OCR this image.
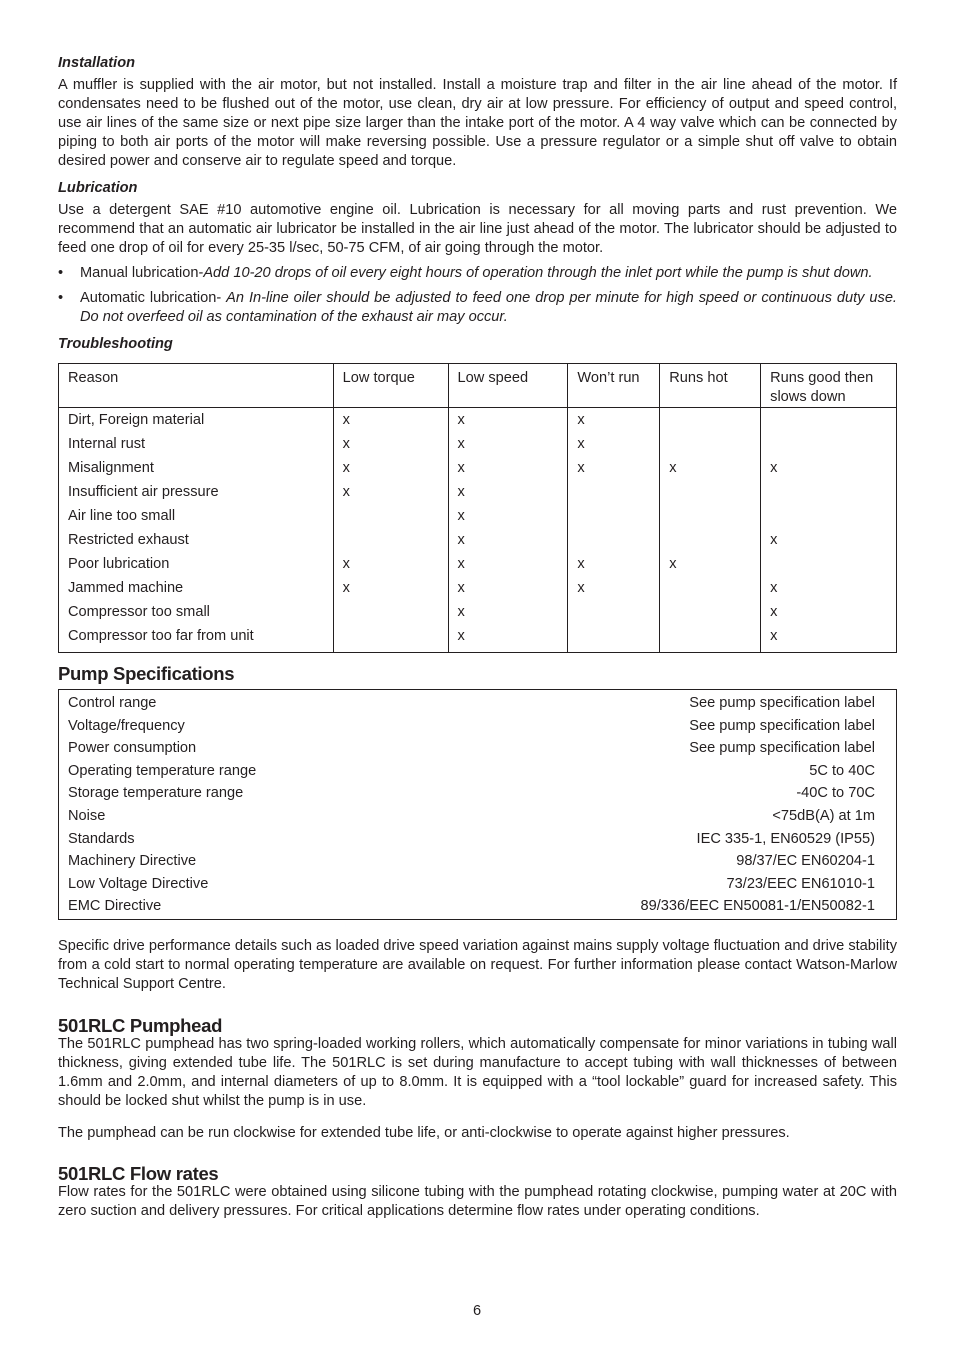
Installation

A muffler is supplied with the air motor, but not installed. Install a moisture trap and filter in the air line ahead of the motor. If condensates need to be flushed out of the motor, use clean, dry air at low pressure. For efficiency of output and speed control, use air lines of the same size or next pipe size larger than the intake port of the motor. A 4 way valve which can be connected by piping to both air ports of the motor will make reversing possible. Use a pressure regulator or a simple shut off valve to obtain desired power and conserve air to regulate speed and torque.

Lubrication

Use a detergent SAE #10 automotive engine oil. Lubrication is necessary for all moving parts and rust prevention. We recommend that an automatic air lubricator be installed in the air line just ahead of the motor. The lubricator should be adjusted to feed one drop of oil for every 25-35 l/sec, 50-75 CFM, of air going through the motor.

• Manual lubrication-Add 10-20 drops of oil every eight hours of operation through the inlet port while the pump is shut down.
• Automatic lubrication- An In-line oiler should be adjusted to feed one drop per minute for high speed or continuous duty use. Do not overfeed oil as contamination of the exhaust air may occur.
Troubleshooting
Reason	Low torque	Low speed	Won’t run	Runs hot	Runs good then slows down
Dirt, Foreign material	x	x	x		
Internal rust	x	x	x		
Misalignment	x	x	x	x	x
Insufficient air pressure	x	x			
Air line too small		x			
Restricted exhaust		x			x
Poor lubrication	x	x	x	x	
Jammed machine	x	x	x		x
Compressor too small		x			x
Compressor too far from unit		x			x
Pump Specifications
Control range	See pump specification label
Voltage/frequency	See pump specification label
Power consumption	See pump specification label
Operating temperature range	5C to 40C
Storage temperature range	-40C to 70C
Noise	<75dB(A) at 1m
Standards	IEC 335-1, EN60529 (IP55)
Machinery Directive	98/37/EC EN60204-1
Low Voltage Directive	73/23/EEC EN61010-1
EMC Directive	89/336/EEC EN50081-1/EN50082-1

Specific drive performance details such as loaded drive speed variation against mains supply voltage fluctuation and drive stability from a cold start to normal operating temperature are available on request. For further information please contact Watson-Marlow Technical Support Centre.

501RLC Pumphead

The 501RLC pumphead has two spring-loaded working rollers, which automatically compensate for minor variations in tubing wall thickness, giving extended tube life. The 501RLC is set during manufacture to accept tubing with wall thicknesses of between 1.6mm and 2.0mm, and internal diameters of up to 8.0mm. It is equipped with a “tool lockable” guard for increased safety. This should be locked shut whilst the pump is in use.

The pumphead can be run clockwise for extended tube life, or anti-clockwise to operate against higher pressures.

501RLC Flow rates

Flow rates for the 501RLC were obtained using silicone tubing with the pumphead rotating clockwise, pumping water at 20C with zero suction and delivery pressures. For critical applications determine flow rates under operating conditions.

6
